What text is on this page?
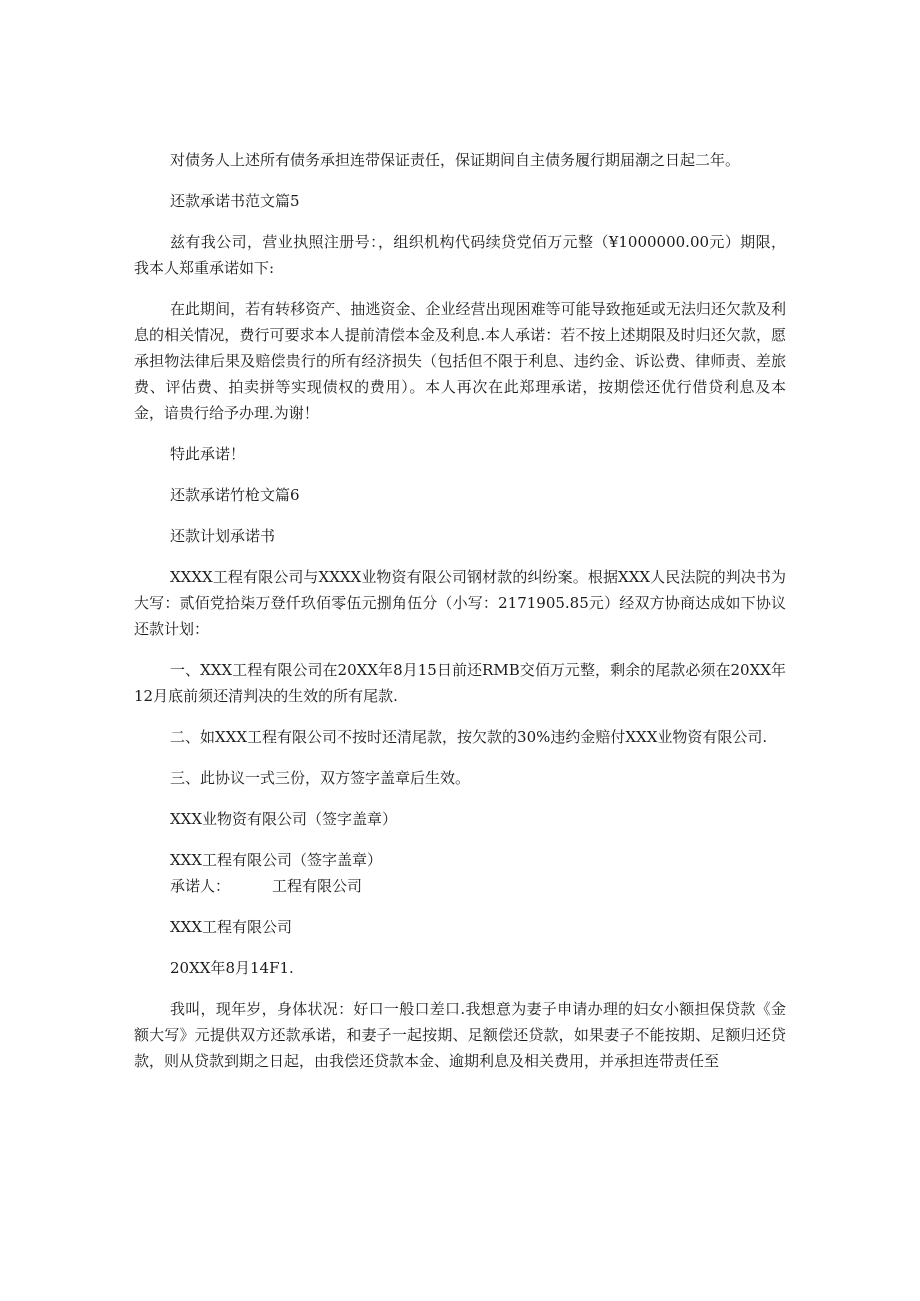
对债务人上述所有债务承担连带保证责任，保证期间自主债务履行期届潮之日起二年。

还款承诺书范文篇5

兹有我公司，营业执照注册号：，组织机构代码续贷党佰万元整（¥1000000.00元）期限，我本人郑重承诺如下:

在此期间，若有转移资产、抽逃资金、企业经营出现困难等可能导致拖延或无法归还欠款及利息的相关情况，费行可要求本人提前清偿本金及利息.本人承诺：若不按上述期限及时归还欠款，愿承担物法律后果及赔偿贵行的所有经济损失（包括但不限于利息、违约金、诉讼费、律师责、差旅费、评估费、拍卖拼等实现债权的费用）。本人再次在此郑理承诺，按期偿还优行借贷利息及本金，谙贵行给予办理.为谢！

特此承诺！

还款承诺竹枪文篇6

还款计划承诺书

XXXX工程有限公司与XXXX业物资有限公司钢材款的纠纷案。根据XXX人民法院的判决书为大写：贰佰党拾柒万登仟玖佰零伍元捌角伍分（小写：2171905.85元）经双方协商达成如下协议还款计划：

一、XXX工程有限公司在20XX年8月15日前还RMB交佰万元整，剩余的尾款必须在20XX年12月底前须还清判决的生效的所有尾款.

二、如XXX工程有限公司不按时还清尾款，按欠款的30%违约金赔付XXX业物资有限公司.

三、此协议一式三份，双方签字盖章后生效。

XXX业物资有限公司（签字盖章）

XXX工程有限公司（签字盖章）

承诺人：	工程有限公司

XXX工程有限公司

20XX年8月14F1.

我叫，现年岁，身体状况：好口一般口差口.我想意为妻子申请办理的妇女小额担保贷款《金额大写》元提供双方还款承诺，和妻子一起按期、足额偿还贷款，如果妻子不能按期、足额归还贷款，则从贷款到期之日起，由我偿还贷款本金、逾期利息及相关费用，并承担连带责任至
